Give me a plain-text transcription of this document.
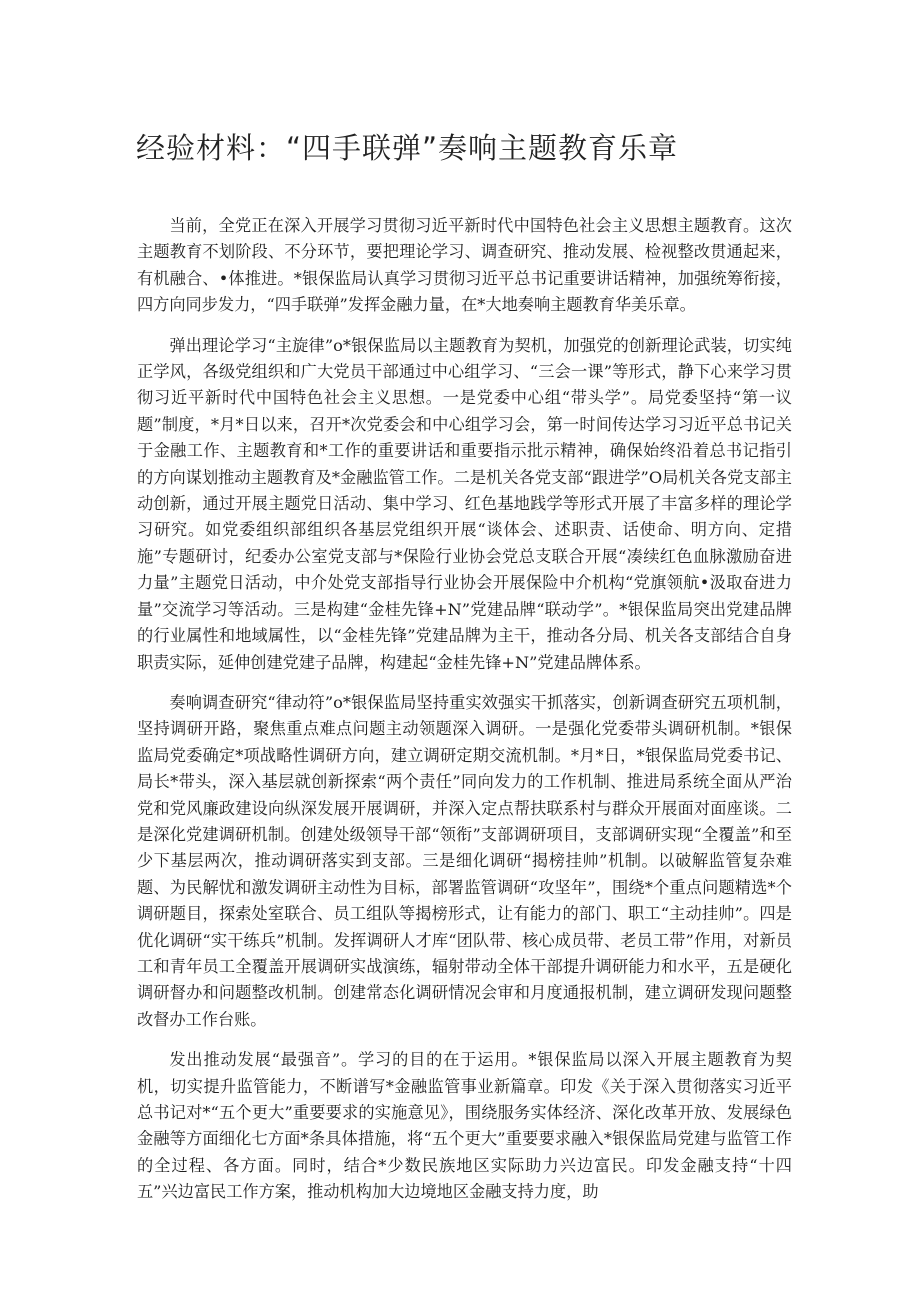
经验材料：“四手联弹”奏响主题教育乐章

当前，全党正在深入开展学习贯彻习近平新时代中国特色社会主义思想主题教育。这次主题教育不划阶段、不分环节，要把理论学习、调查研究、推动发展、检视整改贯通起来，有机融合、•体推进。*银保监局认真学习贯彻习近平总书记重要讲话精神，加强统筹衔接，四方向同步发力，“四手联弹”发挥金融力量，在*大地奏响主题教育华美乐章。

弹出理论学习“主旋律”o*银保监局以主题教育为契机，加强党的创新理论武装，切实纯正学风，各级党组织和广大党员干部通过中心组学习、“三会一课”等形式，静下心来学习贯彻习近平新时代中国特色社会主义思想。一是党委中心组“带头学”。局党委坚持“第一议题”制度，*月*日以来，召开*次党委会和中心组学习会，第一时间传达学习习近平总书记关于金融工作、主题教育和*工作的重要讲话和重要指示批示精神，确保始终沿着总书记指引的方向谋划推动主题教育及*金融监管工作。二是机关各党支部“跟进学”O局机关各党支部主动创新，通过开展主题党日活动、集中学习、红色基地践学等形式开展了丰富多样的理论学习研究。如党委组织部组织各基层党组织开展“谈体会、述职责、话使命、明方向、定措施”专题研讨，纪委办公室党支部与*保险行业协会党总支联合开展“凑续红色血脉激励奋进力量”主题党日活动，中介处党支部指导行业协会开展保险中介机构“党旗领航•汲取奋进力量”交流学习等活动。三是构建“金桂先锋+N”党建品牌“联动学”。*银保监局突出党建品牌的行业属性和地域属性，以“金桂先锋”党建品牌为主干，推动各分局、机关各支部结合自身职责实际，延伸创建党建子品牌，构建起“金桂先锋+N”党建品牌体系。

奏响调查研究“律动符”o*银保监局坚持重实效强实干抓落实，创新调查研究五项机制，坚持调研开路，聚焦重点难点问题主动领题深入调研。一是强化党委带头调研机制。*银保监局党委确定*项战略性调研方向，建立调研定期交流机制。*月*日，*银保监局党委书记、局长*带头，深入基层就创新探索“两个责任”同向发力的工作机制、推进局系统全面从严治党和党风廉政建设向纵深发展开展调研，并深入定点帮扶联系村与群众开展面对面座谈。二是深化党建调研机制。创建处级领导干部“领衔”支部调研项目，支部调研实现“全覆盖”和至少下基层两次，推动调研落实到支部。三是细化调研“揭榜挂帅”机制。以破解监管复杂难题、为民解忧和激发调研主动性为目标，部署监管调研“攻坚年”，围绕*个重点问题精选*个调研题目，探索处室联合、员工组队等揭榜形式，让有能力的部门、职工“主动挂帅”。四是优化调研“实干练兵”机制。发挥调研人才库“团队带、核心成员带、老员工带”作用，对新员工和青年员工全覆盖开展调研实战演练，辐射带动全体干部提升调研能力和水平，五是硬化调研督办和问题整改机制。创建常态化调研情况会审和月度通报机制，建立调研发现问题整改督办工作台账。

发出推动发展“最强音”。学习的目的在于运用。*银保监局以深入开展主题教育为契机，切实提升监管能力，不断谱写*金融监管事业新篇章。印发《关于深入贯彻落实习近平总书记对*“五个更大”重要要求的实施意见》，围绕服务实体经济、深化改革开放、发展绿色金融等方面细化七方面*条具体措施，将“五个更大”重要要求融入*银保监局党建与监管工作的全过程、各方面。同时，结合*少数民族地区实际助力兴边富民。印发金融支持“十四五”兴边富民工作方案，推动机构加大边境地区金融支持力度，助
